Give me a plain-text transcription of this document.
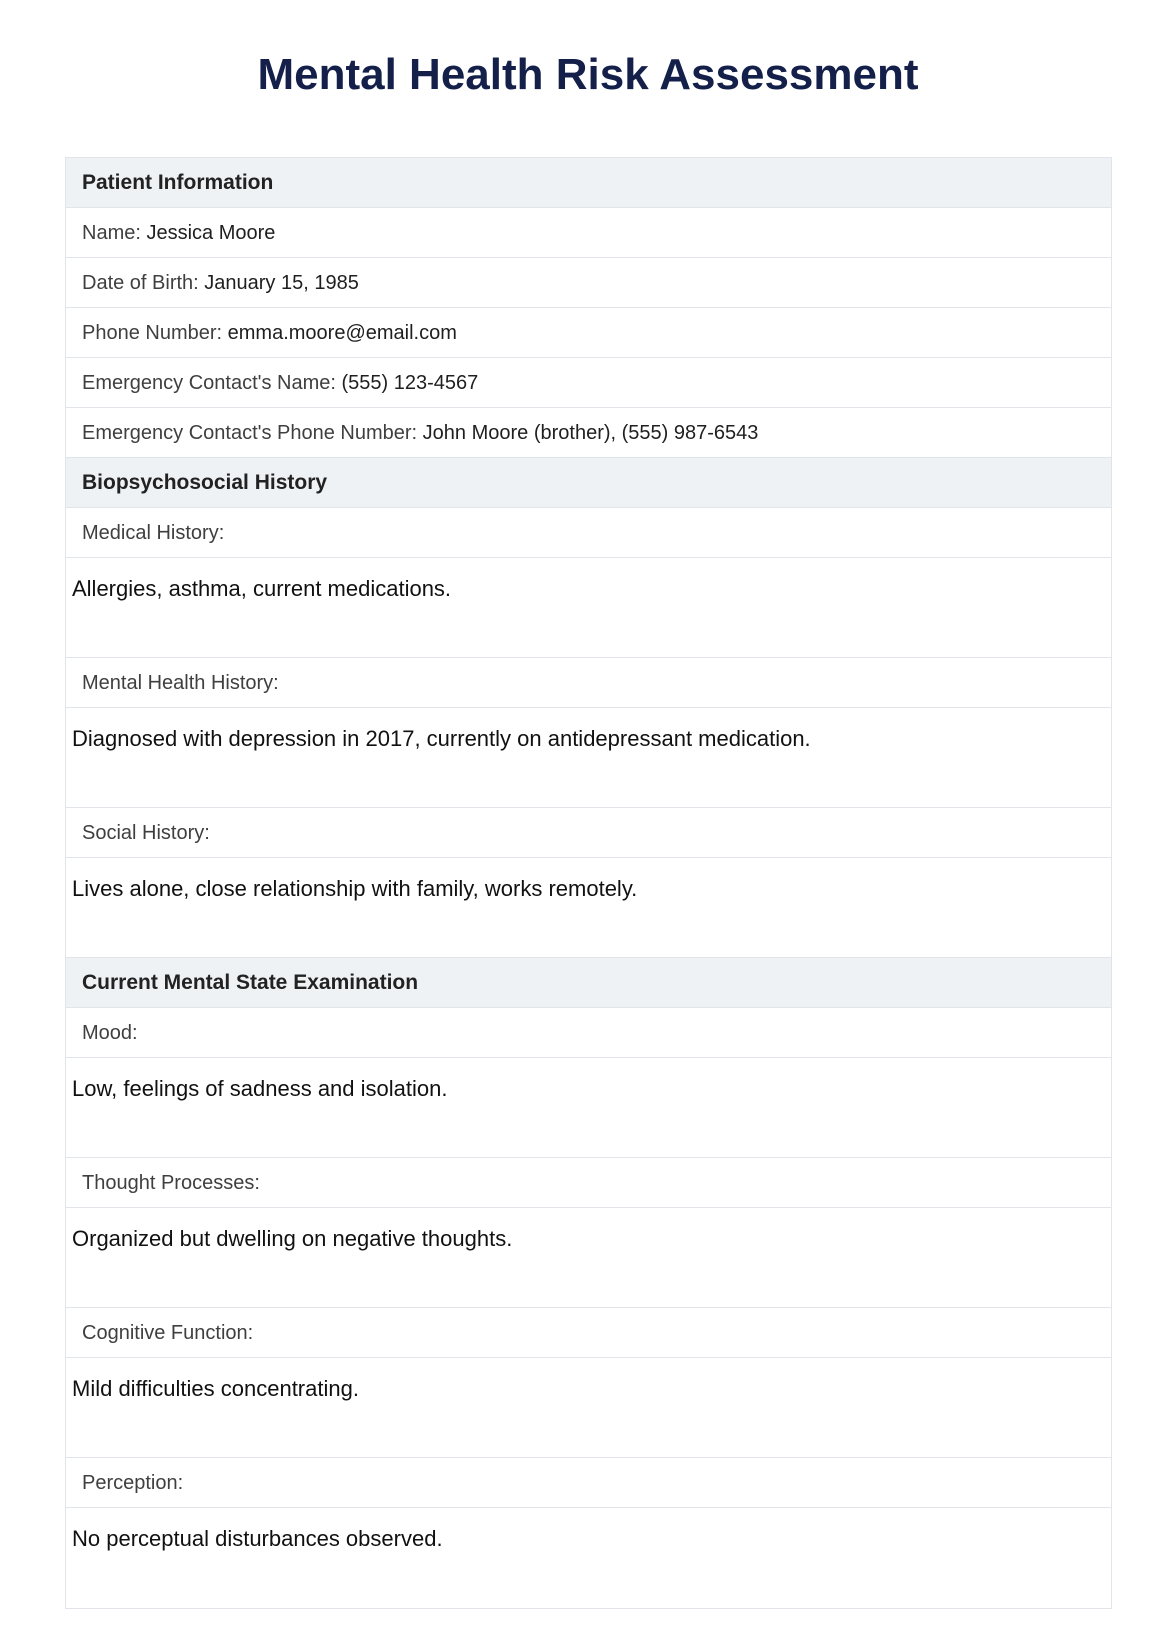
Mental Health Risk Assessment
Patient Information
Name: Jessica Moore
Date of Birth: January 15, 1985
Phone Number: emma.moore@email.com
Emergency Contact's Name: (555) 123-4567
Emergency Contact's Phone Number: John Moore (brother), (555) 987-6543
Biopsychosocial History
Medical History:
Allergies, asthma, current medications.
Mental Health History:
Diagnosed with depression in 2017, currently on antidepressant medication.
Social History:
Lives alone, close relationship with family, works remotely.
Current Mental State Examination
Mood:
Low, feelings of sadness and isolation.
Thought Processes:
Organized but dwelling on negative thoughts.
Cognitive Function:
Mild difficulties concentrating.
Perception:
No perceptual disturbances observed.
